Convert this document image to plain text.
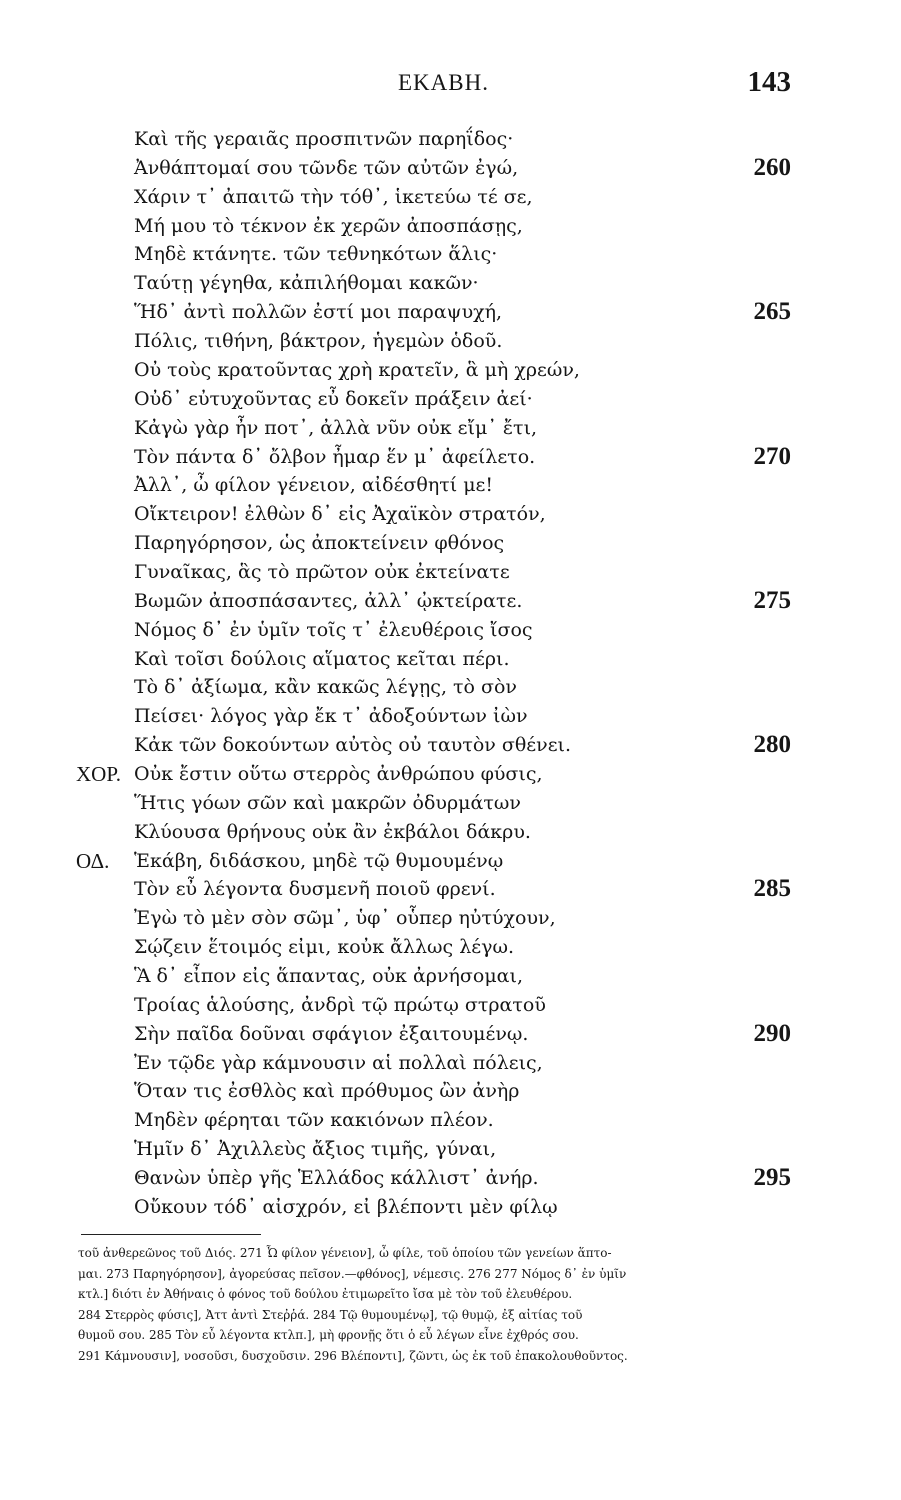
ΕΚΑΒΗ.	143
Καὶ τῆς γεραιᾶς προσπιτνῶν παρηΐδος·
Ἀνθάπτομαί σου τῶνδε τῶν αὐτῶν ἐγώ,	260
Χάριν τ᾽ ἀπαιτῶ τὴν τόθ᾽, ἱκετεύω τέ σε,
Μή μου τὸ τέκνον ἐκ χερῶν ἀποσπάσῃς,
Μηδὲ κτάνητε. τῶν τεθνηκότων ἅλις·
Ταύτῃ γέγηθα, κἀπιλήθομαι κακῶν·
Ἥδ᾽ ἀντὶ πολλῶν ἐστί μοι παραψυχή,	265
Πόλις, τιθήνη, βάκτρον, ἡγεμὼν ὁδοῦ.
Οὐ τοὺς κρατοῦντας χρὴ κρατεῖν, ἃ μὴ χρεών,
Οὐδ᾽ εὐτυχοῦντας εὖ δοκεῖν πράξειν ἀεί·
Κἀγὼ γὰρ ἦν ποτ᾽, ἀλλὰ νῦν οὐκ εἴμ᾽ ἔτι,
Τὸν πάντα δ᾽ ὄλβον ἦμαρ ἕν μ᾽ ἀφείλετο.	270
Ἀλλ᾽, ὦ φίλον γένειον, αἰδέσθητί με!
Οἴκτειρον! ἐλθὼν δ᾽ εἰς Ἀχαϊκὸν στρατόν,
Παρηγόρησον, ὡς ἀποκτείνειν φθόνος
Γυναῖκας, ἃς τὸ πρῶτον οὐκ ἐκτείνατε
Βωμῶν ἀποσπάσαντες, ἀλλ᾽ ᾠκτείρατε.	275
Νόμος δ᾽ ἐν ὑμῖν τοῖς τ᾽ ἐλευθέροις ἴσος
Καὶ τοῖσι δούλοις αἵματος κεῖται πέρι.
Τὸ δ᾽ ἀξίωμα, κἂν κακῶς λέγῃς, τὸ σὸν
Πείσει· λόγος γὰρ ἔκ τ᾽ ἀδοξούντων ἰὼν
Κἀκ τῶν δοκούντων αὐτὸς οὐ ταυτὸν σθένει.	280
ΧΟΡ. Οὐκ ἔστιν οὕτω στερρὸς ἀνθρώπου φύσις,
Ἥτις γόων σῶν καὶ μακρῶν ὀδυρμάτων
Κλύουσα θρήνους οὐκ ἂν ἐκβάλοι δάκρυ.
ΟΔ. Ἑκάβη, διδάσκου, μηδὲ τῷ θυμουμένῳ
Τὸν εὖ λέγοντα δυσμενῆ ποιοῦ φρενί.	285
Ἐγὼ τὸ μὲν σὸν σῶμ᾽, ὑφ᾽ οὗπερ ηὐτύχουν,
Σῴζειν ἕτοιμός εἰμι, κοὐκ ἄλλως λέγω.
Ἃ δ᾽ εἶπον εἰς ἅπαντας, οὐκ ἀρνήσομαι,
Τροίας ἁλούσης, ἀνδρὶ τῷ πρώτῳ στρατοῦ
Σὴν παῖδα δοῦναι σφάγιον ἐξαιτουμένῳ.	290
Ἐν τῷδε γὰρ κάμνουσιν αἱ πολλαὶ πόλεις,
Ὅταν τις ἐσθλὸς καὶ πρόθυμος ὢν ἀνὴρ
Μηδὲν φέρηται τῶν κακιόνων πλέον.
Ἡμῖν δ᾽ Ἀχιλλεὺς ἄξιος τιμῆς, γύναι,
Θανὼν ὑπὲρ γῆς Ἑλλάδος κάλλιστ᾽ ἀνήρ.	295
Οὔκουν τόδ᾽ αἰσχρόν, εἰ βλέποντι μὲν φίλῳ
τοῦ ἀνθερεῶνος τοῦ Διός. 271 Ὦ φίλον γένειον], ὦ φίλε, τοῦ ὁποίου τῶν γενείων ἅπτο-
μαι. 273 Παρηγόρησον], ἀγορεύσας πεῖσον.—φθόνος], νέμεσις. 276 277 Νόμος δ᾽ ἐν ὑμῖν
κτλ.] διότι ἐν Ἀθήναις ὁ φόνος τοῦ δούλου ἐτιμωρεῖτο ἴσα μὲ τὸν τοῦ ἐλευθέρου.
284 Στερρὸς φύσις], Ἀττ ἀντὶ Στεῤῥά. 284 Τῷ θυμουμένῳ], τῷ θυμῷ, ἐξ αἰτίας τοῦ
θυμοῦ σου. 285 Τὸν εὖ λέγοντα κτλπ.], μὴ φρονῇς ὅτι ὁ εὖ λέγων εἶνε ἐχθρός σου.
291 Κάμνουσιν], νοσοῦσι, δυσχοῦσιν. 296 Βλέποντι], ζῶντι, ὡς ἐκ τοῦ ἐπακολουθοῦντος.
